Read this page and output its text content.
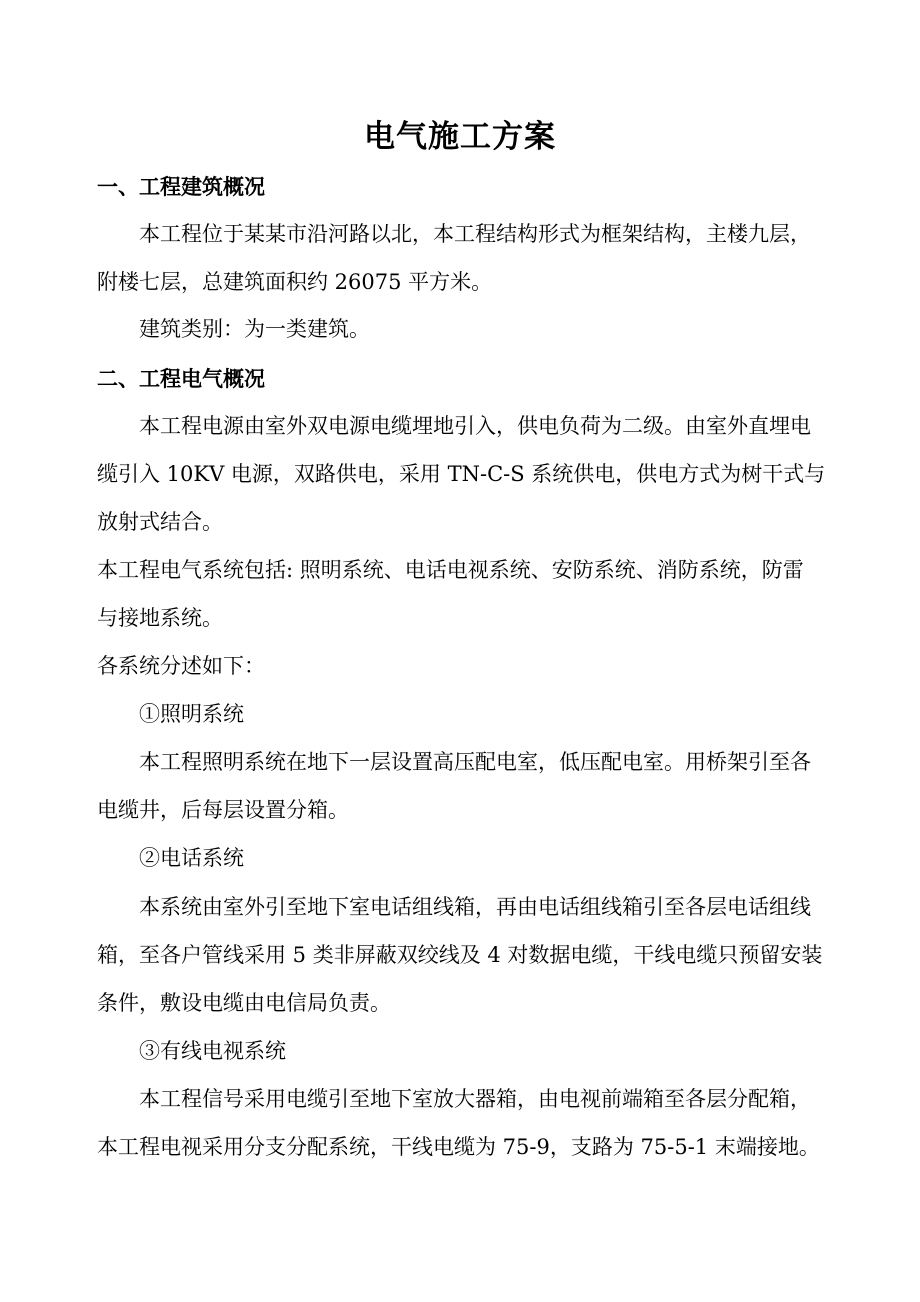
电气施工方案
一、工程建筑概况
本工程位于某某市沿河路以北，本工程结构形式为框架结构，主楼九层，
附楼七层，总建筑面积约 26075 平方米。
建筑类别：为一类建筑。
二、工程电气概况
本工程电源由室外双电源电缆埋地引入，供电负荷为二级。由室外直埋电
缆引入 10KV 电源，双路供电，采用 TN-C-S 系统供电，供电方式为树干式与
放射式结合。
本工程电气系统包括: 照明系统、电话电视系统、安防系统、消防系统，防雷
与接地系统。
各系统分述如下：
①照明系统
本工程照明系统在地下一层设置高压配电室，低压配电室。用桥架引至各
电缆井，后每层设置分箱。
②电话系统
本系统由室外引至地下室电话组线箱，再由电话组线箱引至各层电话组线
箱，至各户管线采用 5 类非屏蔽双绞线及 4 对数据电缆，干线电缆只预留安装
条件，敷设电缆由电信局负责。
③有线电视系统
本工程信号采用电缆引至地下室放大器箱，由电视前端箱至各层分配箱，
本工程电视采用分支分配系统，干线电缆为 75-9，支路为 75-5-1 末端接地。
